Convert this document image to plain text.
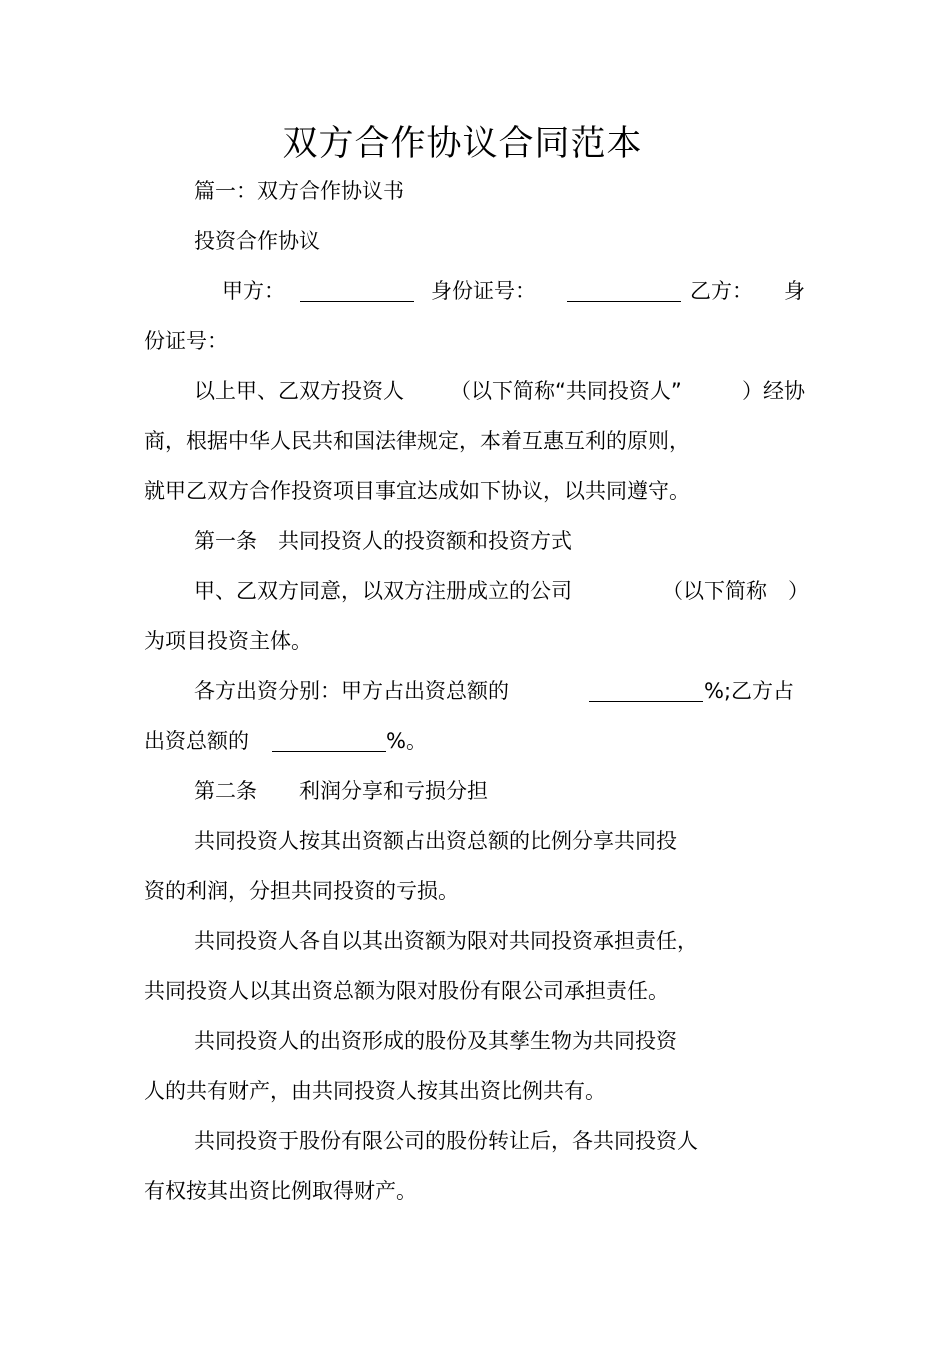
双方合作协议合同范本
篇一：双方合作协议书
投资合作协议
甲方：	身份证号：	乙方： 身
份证号：
以上甲、乙双方投资人 （以下简称“共同投资人”	）经协
商，根据中华人民共和国法律规定，本着互惠互利的原则，
就甲乙双方合作投资项目事宜达成如下协议，以共同遵守。
第一条　共同投资人的投资额和投资方式
甲、乙双方同意，以双方注册成立的公司	（以下简称　）
为项目投资主体。
各方出资分别：甲方占出资总额的	%;乙方占
出资总额的	%。
第二条　　利润分享和亏损分担
共同投资人按其出资额占出资总额的比例分享共同投
资的利润，分担共同投资的亏损。
共同投资人各自以其出资额为限对共同投资承担责任，
共同投资人以其出资总额为限对股份有限公司承担责任。
共同投资人的出资形成的股份及其孳生物为共同投资
人的共有财产，由共同投资人按其出资比例共有。
共同投资于股份有限公司的股份转让后，各共同投资人
有权按其出资比例取得财产。
